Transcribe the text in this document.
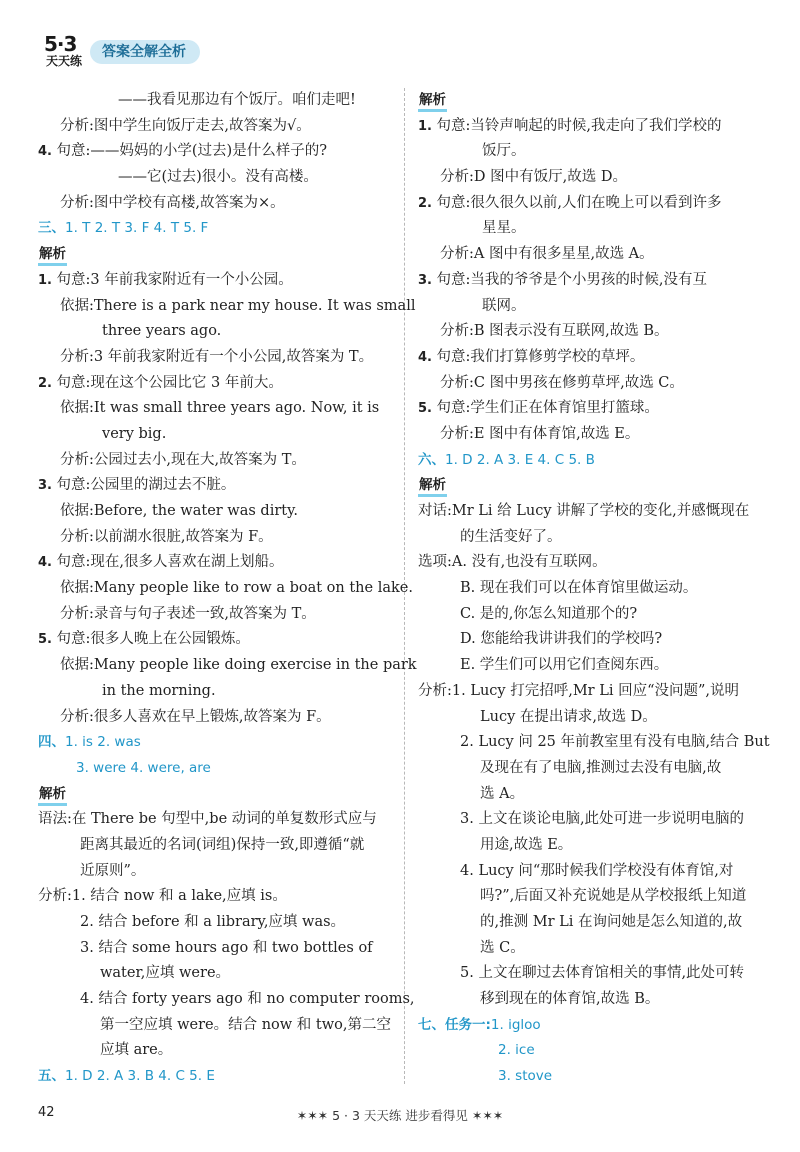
5·3
天天练
答案全解全析
——我看见那边有个饭厅。咱们走吧!
分析:图中学生向饭厅走去,故答案为√。
4. 句意:——妈妈的小学(过去)是什么样子的?
——它(过去)很小。没有高楼。
分析:图中学校有高楼,故答案为×。
三、1. T 2. T 3. F 4. T 5. F
解析
1. 句意:3 年前我家附近有一个小公园。
依据:There is a park near my house. It was small
three years ago.
分析:3 年前我家附近有一个小公园,故答案为 T。
2. 句意:现在这个公园比它 3 年前大。
依据:It was small three years ago. Now, it is
very big.
分析:公园过去小,现在大,故答案为 T。
3. 句意:公园里的湖过去不脏。
依据:Before, the water was dirty.
分析:以前湖水很脏,故答案为 F。
4. 句意:现在,很多人喜欢在湖上划船。
依据:Many people like to row a boat on the lake.
分析:录音与句子表述一致,故答案为 T。
5. 句意:很多人晚上在公园锻炼。
依据:Many people like doing exercise in the park
in the morning.
分析:很多人喜欢在早上锻炼,故答案为 F。
四、1. is 2. was
3. were 4. were, are
解析
语法:在 There be 句型中,be 动词的单复数形式应与
距离其最近的名词(词组)保持一致,即遵循“就
近原则”。
分析:1. 结合 now 和 a lake,应填 is。
2. 结合 before 和 a library,应填 was。
3. 结合 some hours ago 和 two bottles of
water,应填 were。
4. 结合 forty years ago 和 no computer rooms,
第一空应填 were。结合 now 和 two,第二空
应填 are。
五、1. D 2. A 3. B 4. C 5. E
解析
1. 句意:当铃声响起的时候,我走向了我们学校的
饭厅。
分析:D 图中有饭厅,故选 D。
2. 句意:很久很久以前,人们在晚上可以看到许多
星星。
分析:A 图中有很多星星,故选 A。
3. 句意:当我的爷爷是个小男孩的时候,没有互
联网。
分析:B 图表示没有互联网,故选 B。
4. 句意:我们打算修剪学校的草坪。
分析:C 图中男孩在修剪草坪,故选 C。
5. 句意:学生们正在体育馆里打篮球。
分析:E 图中有体育馆,故选 E。
六、1. D 2. A 3. E 4. C 5. B
解析
对话:Mr Li 给 Lucy 讲解了学校的变化,并感慨现在
的生活变好了。
选项:A. 没有,也没有互联网。
B. 现在我们可以在体育馆里做运动。
C. 是的,你怎么知道那个的?
D. 您能给我讲讲我们的学校吗?
E. 学生们可以用它们查阅东西。
分析:1. Lucy 打完招呼,Mr Li 回应“没问题”,说明
Lucy 在提出请求,故选 D。
2. Lucy 问 25 年前教室里有没有电脑,结合 But
及现在有了电脑,推测过去没有电脑,故
选 A。
3. 上文在谈论电脑,此处可进一步说明电脑的
用途,故选 E。
4. Lucy 问“那时候我们学校没有体育馆,对
吗?”,后面又补充说她是从学校报纸上知道
的,推测 Mr Li 在询问她是怎么知道的,故
选 C。
5. 上文在聊过去体育馆相关的事情,此处可转
移到现在的体育馆,故选 B。
七、任务一:1. igloo
2. ice
3. stove
42	✶✶✶ 5 · 3 天天练 进步看得见 ✶✶✶
